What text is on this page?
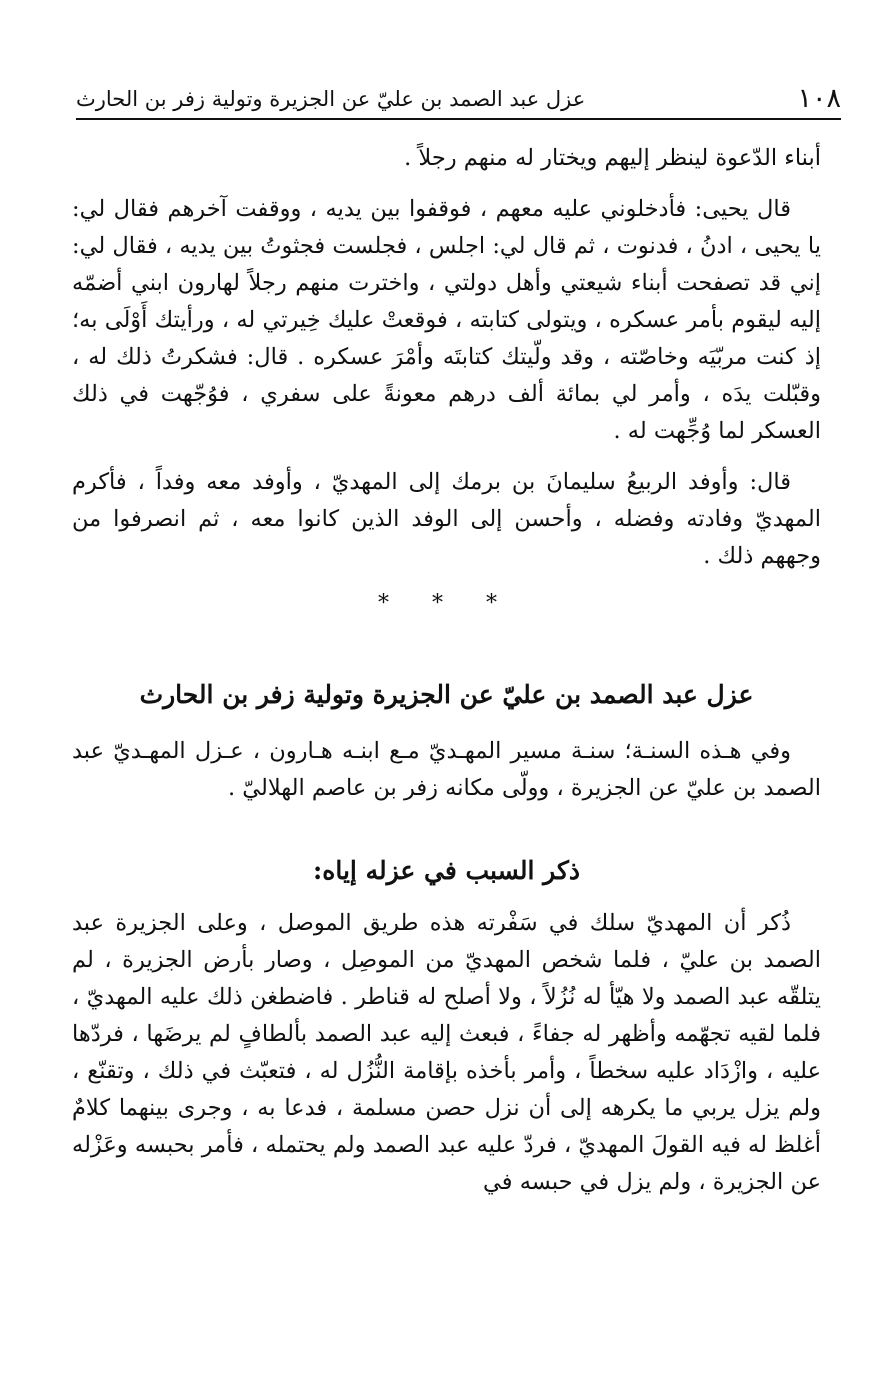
١٠٨
عزل عبد الصمد بن عليّ عن الجزيرة وتولية زفر بن الحارث

أبناء الدّعوة لينظر إليهم ويختار له منهم رجلاً .

قال يحيى: فأدخلوني عليه معهم ، فوقفوا بين يديه ، ووقفت آخرهم فقال لي: يا يحيى ، ادنُ ، فدنوت ، ثم قال لي: اجلس ، فجلست فجثوتُ بين يديه ، فقال لي: إني قد تصفحت أبناء شيعتي وأهل دولتي ، واخترت منهم رجلاً لهارون ابني أضمّه إليه ليقوم بأمر عسكره ، ويتولى كتابته ، فوقعتْ عليك خِيرتي له ، ورأيتك أَوْلَى به؛ إذ كنت مربّيَه وخاصّته ، وقد ولّيتك كتابتَه وأمْرَ عسكره . قال: فشكرتُ ذلك له ، وقبّلت يدَه ، وأمر لي بمائة ألف درهم معونةً على سفري ، فوُجّهت في ذلك العسكر لما وُجِّهت له .

قال: وأوفد الربيعُ سليمانَ بن برمك إلى المهديّ ، وأوفد معه وفداً ، فأكرم المهديّ وفادته وفضله ، وأحسن إلى الوفد الذين كانوا معه ، ثم انصرفوا من وجههم ذلك .

* * *
عزل عبد الصمد بن عليّ عن الجزيرة وتولية زفر بن الحارث

وفي هـذه السنـة؛ سنـة مسير المهـديّ مـع ابنـه هـارون ، عـزل المهـديّ عبد الصمد بن عليّ عن الجزيرة ، وولّى مكانه زفر بن عاصم الهلاليّ .

ذكر السبب في عزله إياه:

ذُكر أن المهديّ سلك في سَفْرته هذه طريق الموصل ، وعلى الجزيرة عبد الصمد بن عليّ ، فلما شخص المهديّ من الموصِل ، وصار بأرض الجزيرة ، لم يتلقّه عبد الصمد ولا هيّأ له نُزُلاً ، ولا أصلح له قناطر . فاضطغن ذلك عليه المهديّ ، فلما لقيه تجهّمه وأظهر له جفاءً ، فبعث إليه عبد الصمد بألطافٍ لم يرضَها ، فردّها عليه ، وازْدَاد عليه سخطاً ، وأمر بأخذه بإقامة النُّزُل له ، فتعبّث في ذلك ، وتقنّع ، ولم يزل يربي ما يكرهه إلى أن نزل حصن مسلمة ، فدعا به ، وجرى بينهما كلامٌ أغلظ له فيه القولَ المهديّ ، فردّ عليه عبد الصمد ولم يحتمله ، فأمر بحبسه وعَزْله عن الجزيرة ، ولم يزل في حبسه في
